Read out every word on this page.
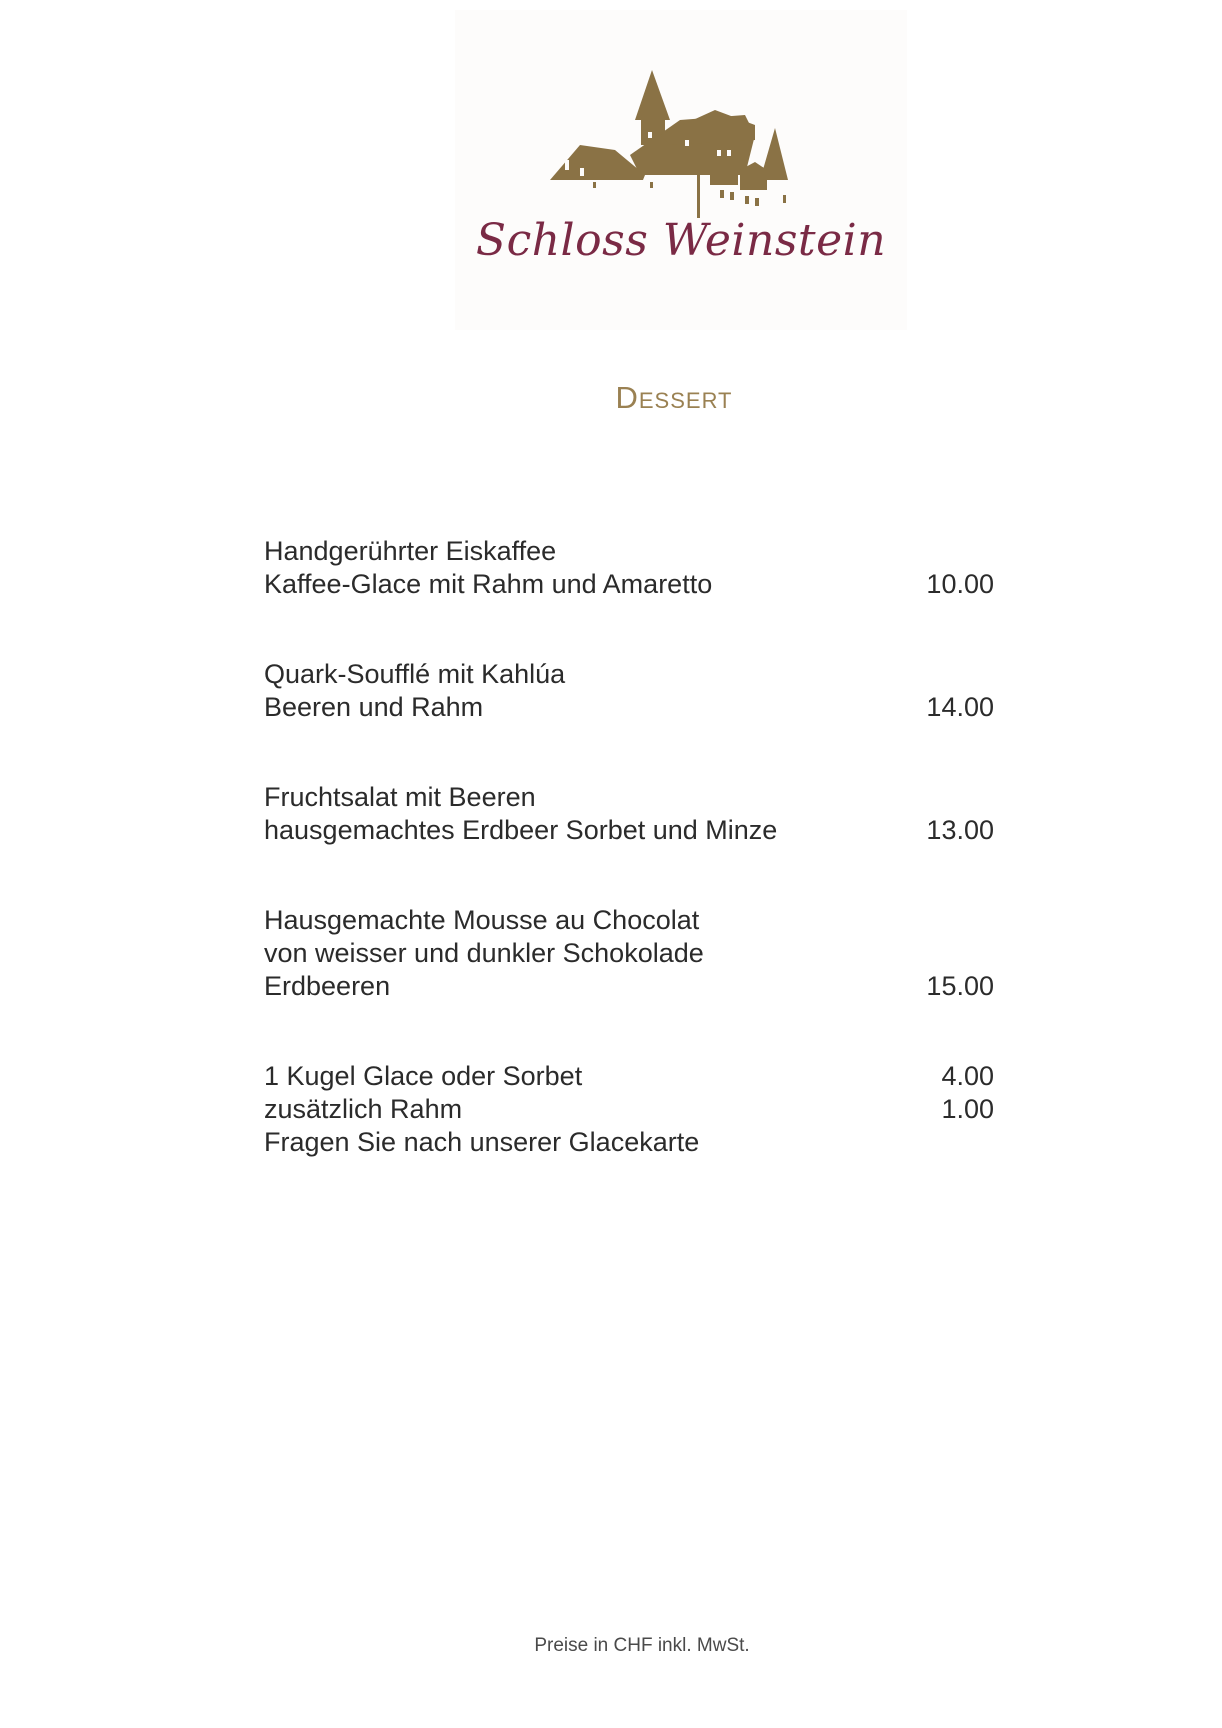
Schloss Weinstein
Dessert
Handgerührter Eiskaffee
Kaffee-Glace mit Rahm und Amaretto	10.00
Quark-Soufflé mit Kahlúa
Beeren und Rahm	14.00
Fruchtsalat mit Beeren
hausgemachtes Erdbeer Sorbet und Minze	13.00
Hausgemachte Mousse au Chocolat
von weisser und dunkler Schokolade
Erdbeeren	15.00
1 Kugel Glace oder Sorbet	4.00
zusätzlich Rahm	1.00
Fragen Sie nach unserer Glacekarte
Preise in CHF inkl. MwSt.
